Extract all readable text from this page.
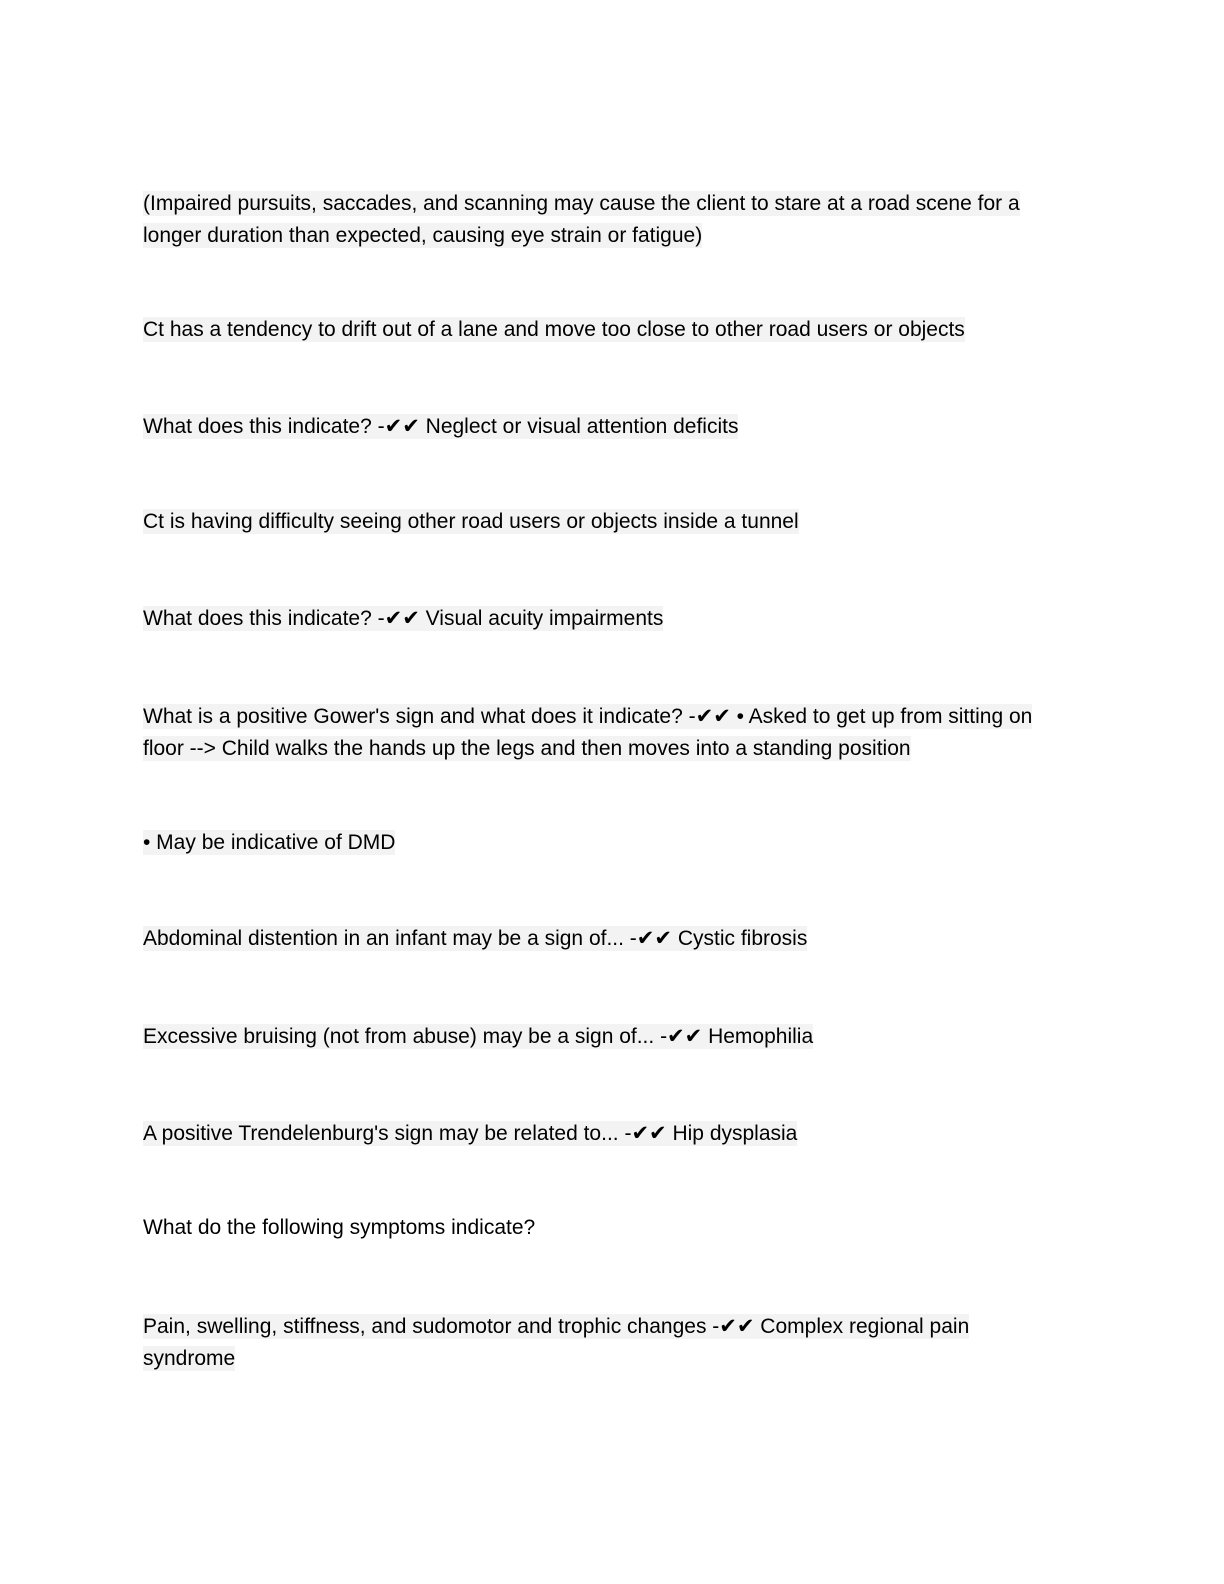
(Impaired pursuits, saccades, and scanning may cause the client to stare at a road scene for a longer duration than expected, causing eye strain or fatigue)

Ct has a tendency to drift out of a lane and move too close to other road users or objects

What does this indicate? -✔✔ Neglect or visual attention deficits

Ct is having difficulty seeing other road users or objects inside a tunnel

What does this indicate? -✔✔ Visual acuity impairments

What is a positive Gower's sign and what does it indicate? -✔✔ • Asked to get up from sitting on floor --> Child walks the hands up the legs and then moves into a standing position

• May be indicative of DMD

Abdominal distention in an infant may be a sign of... -✔✔ Cystic fibrosis

Excessive bruising (not from abuse) may be a sign of... -✔✔ Hemophilia

A positive Trendelenburg's sign may be related to... -✔✔ Hip dysplasia

What do the following symptoms indicate?

Pain, swelling, stiffness, and sudomotor and trophic changes -✔✔ Complex regional pain syndrome
